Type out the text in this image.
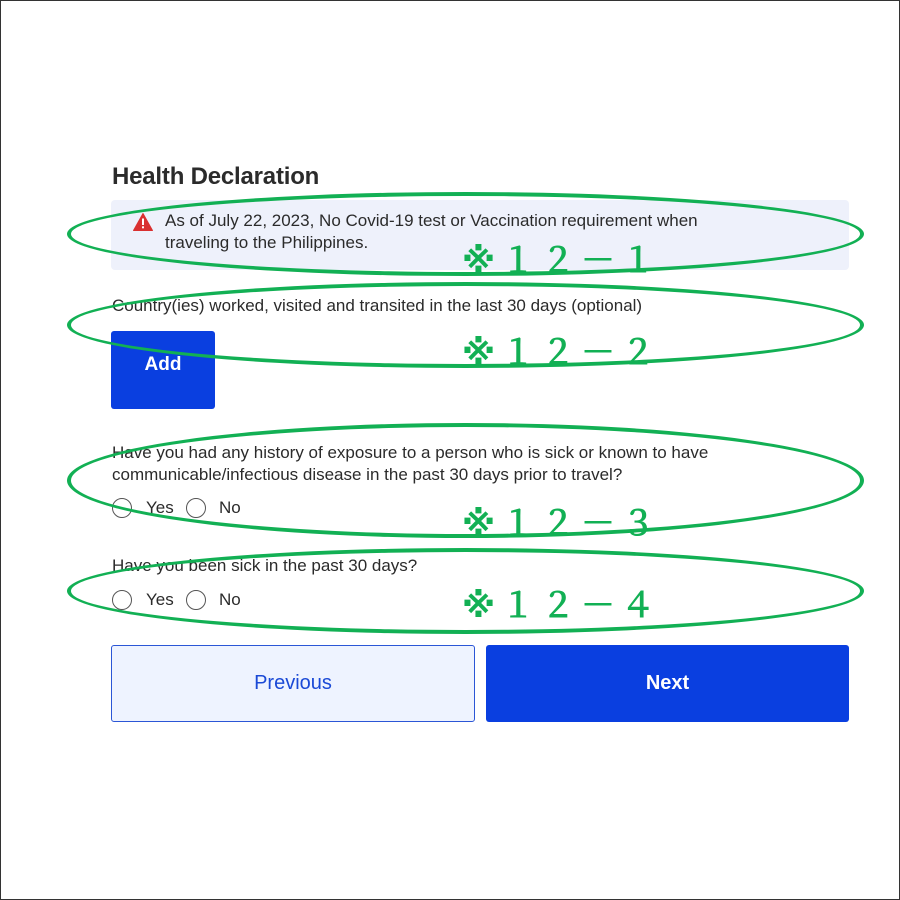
Health Declaration
As of July 22, 2023, No Covid-19 test or Vaccination requirement when
traveling to the Philippines.
Country(ies) worked, visited and transited in the last 30 days (optional)
Add
Have you had any history of exposure to a person who is sick or known to have
communicable/infectious disease in the past 30 days prior to travel?
Yes	No
Have you been sick in the past 30 days?
Yes	No
Previous	Next
※１２－１
※１２－２
※１２－３
※１２－４
